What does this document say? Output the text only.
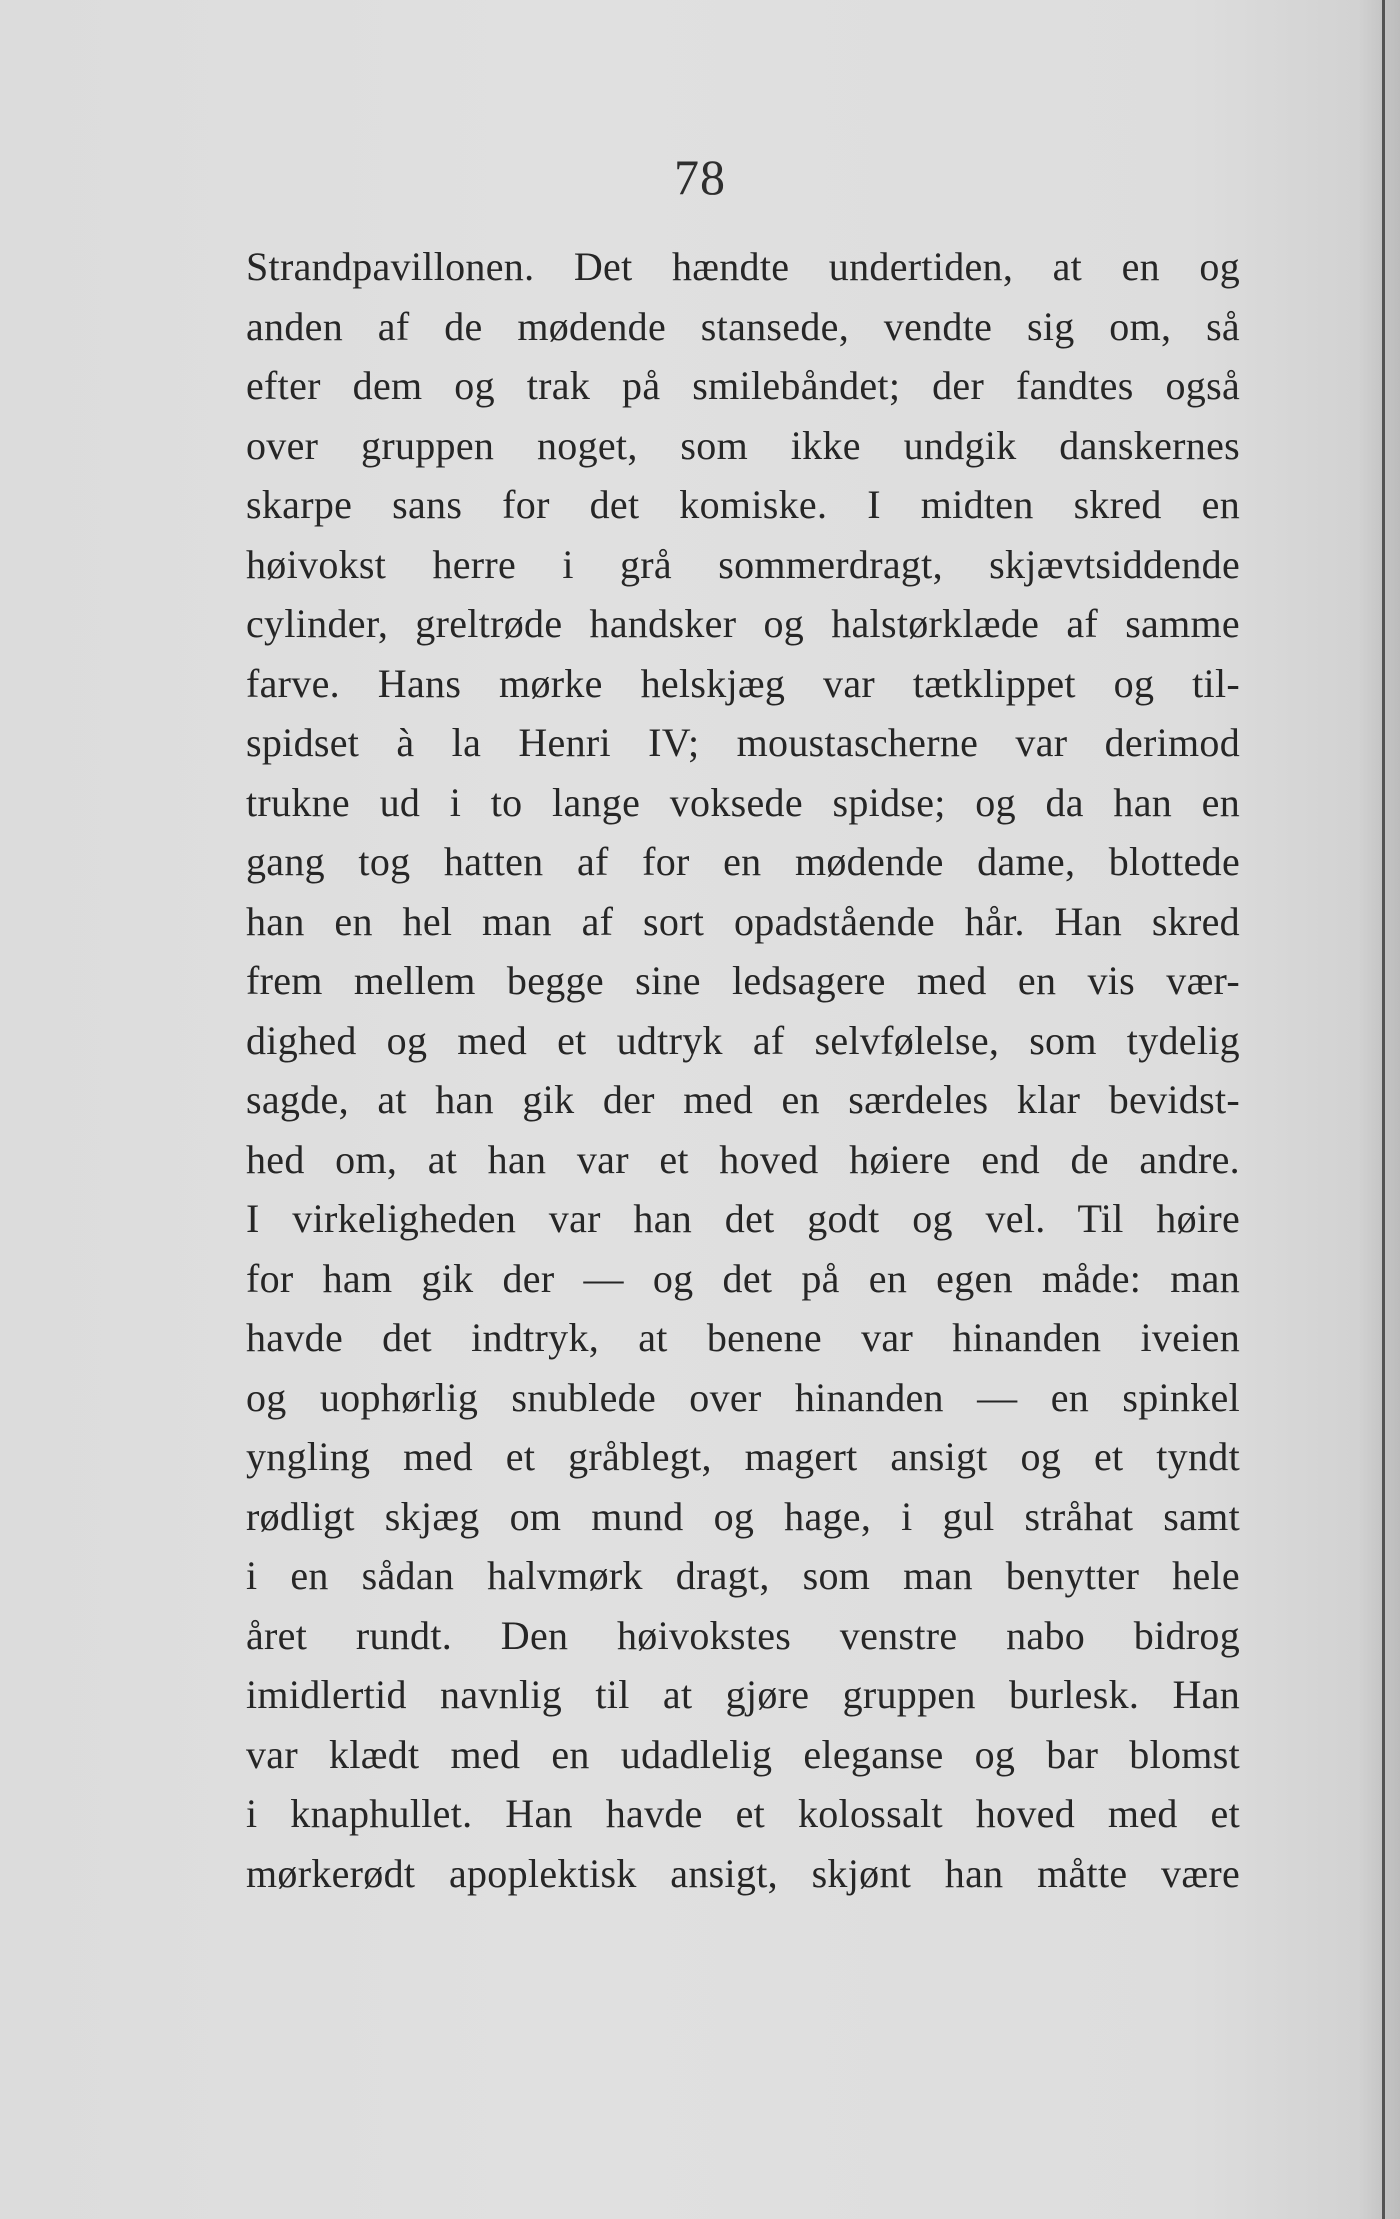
78
Strandpavillonen. Det hændte undertiden, at en og
anden af de mødende stansede, vendte sig om, så
efter dem og trak på smilebåndet; der fandtes også
over gruppen noget, som ikke undgik danskernes
skarpe sans for det komiske. I midten skred en
høivokst herre i grå sommerdragt, skjævtsiddende
cylinder, greltrøde handsker og halstørklæde af samme
farve. Hans mørke helskjæg var tætklippet og til-
spidset à la Henri IV; moustascherne var derimod
trukne ud i to lange voksede spidse; og da han en
gang tog hatten af for en mødende dame, blottede
han en hel man af sort opadstående hår. Han skred
frem mellem begge sine ledsagere med en vis vær-
dighed og med et udtryk af selvfølelse, som tydelig
sagde, at han gik der med en særdeles klar bevidst-
hed om, at han var et hoved høiere end de andre.
I virkeligheden var han det godt og vel. Til høire
for ham gik der — og det på en egen måde: man
havde det indtryk, at benene var hinanden iveien
og uophørlig snublede over hinanden — en spinkel
yngling med et gråblegt, magert ansigt og et tyndt
rødligt skjæg om mund og hage, i gul stråhat samt
i en sådan halvmørk dragt, som man benytter hele
året rundt. Den høivokstes venstre nabo bidrog
imidlertid navnlig til at gjøre gruppen burlesk. Han
var klædt med en udadlelig eleganse og bar blomst
i knaphullet. Han havde et kolossalt hoved med et
mørkerødt apoplektisk ansigt, skjønt han måtte være
